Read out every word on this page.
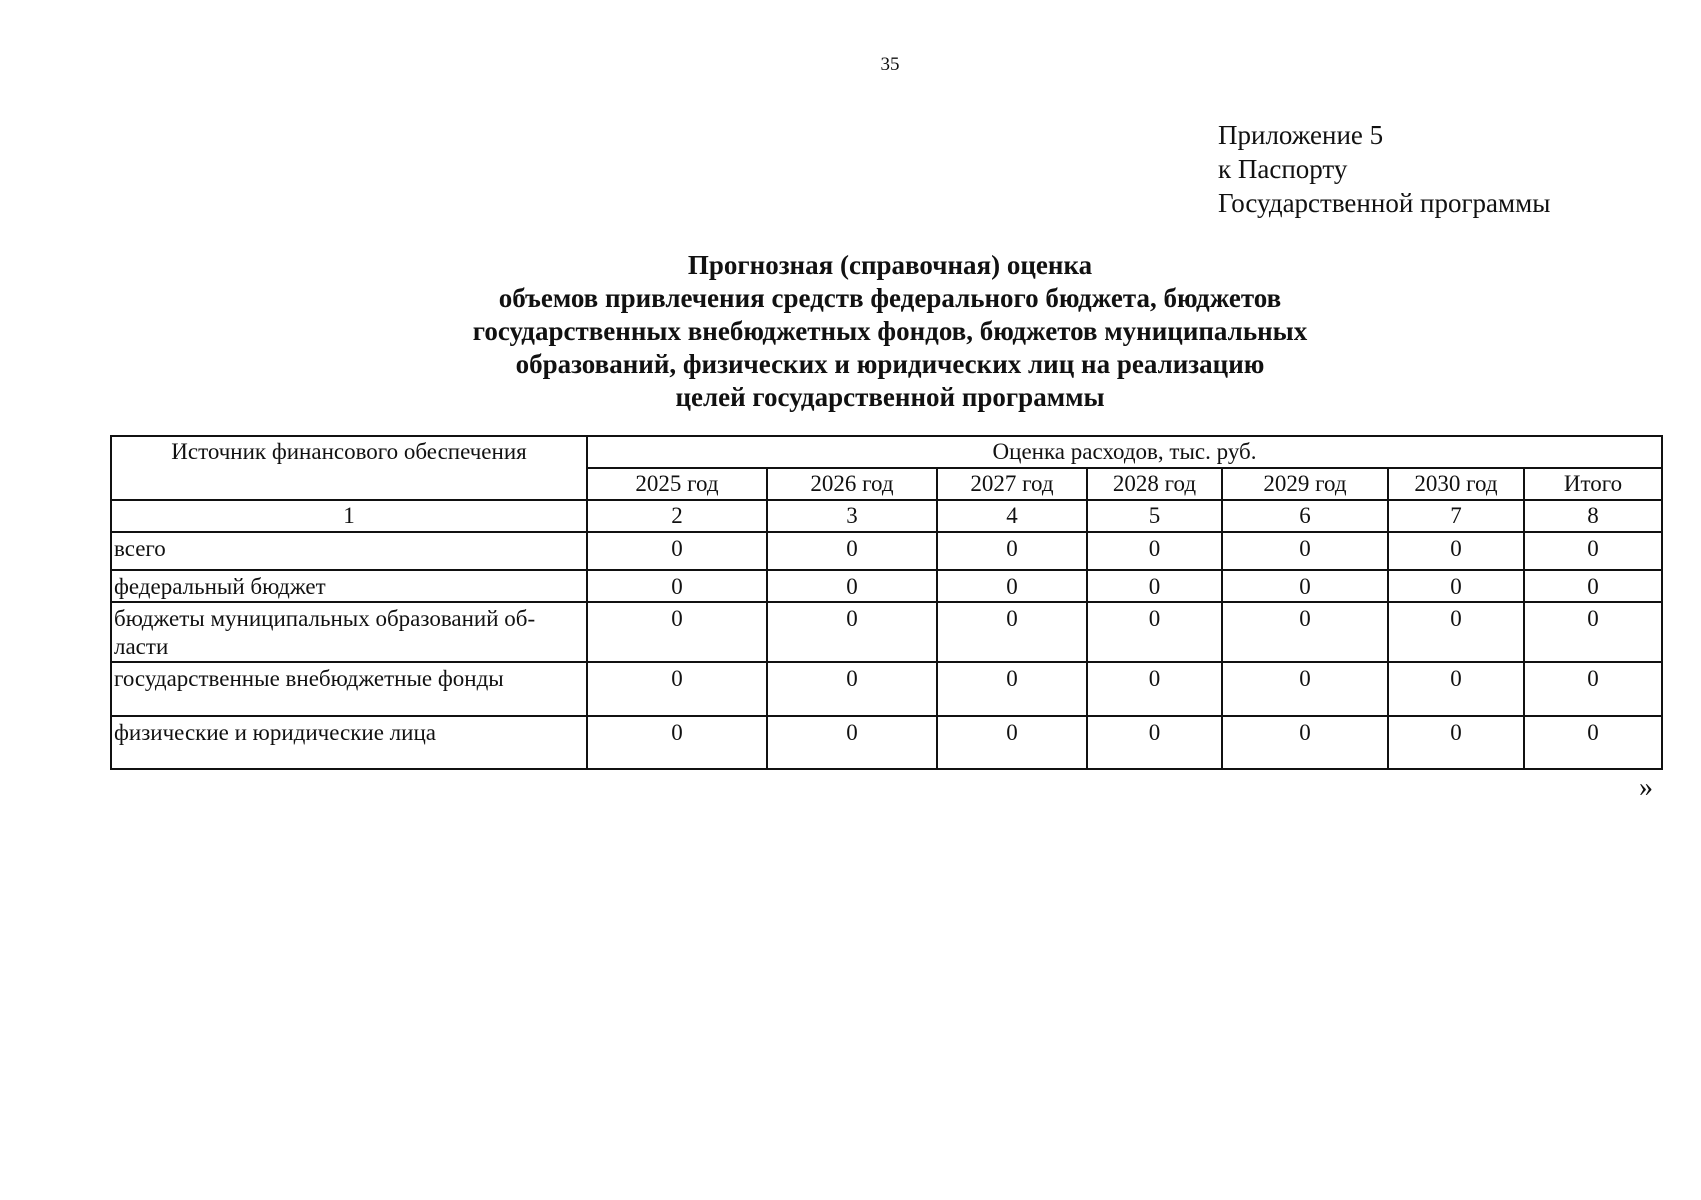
35
Приложение 5
к Паспорту
Государственной программы
Прогнозная (справочная) оценка
объемов привлечения средств федерального бюджета, бюджетов
государственных внебюджетных фондов, бюджетов муниципальных
образований, физических и юридических лиц на реализацию
целей государственной программы
Источник финансового обеспечения	Оценка расходов, тыс. руб.						
	2025 год	2026 год	2027 год	2028 год	2029 год	2030 год	Итого
1	2	3	4	5	6	7	8
всего	0	0	0	0	0	0	0
федеральный бюджет	0	0	0	0	0	0	0
бюджеты муниципальных образований об-
ласти	0	0	0	0	0	0	0
государственные внебюджетные фонды	0	0	0	0	0	0	0
физические и юридические лица	0	0	0	0	0	0	0
»
